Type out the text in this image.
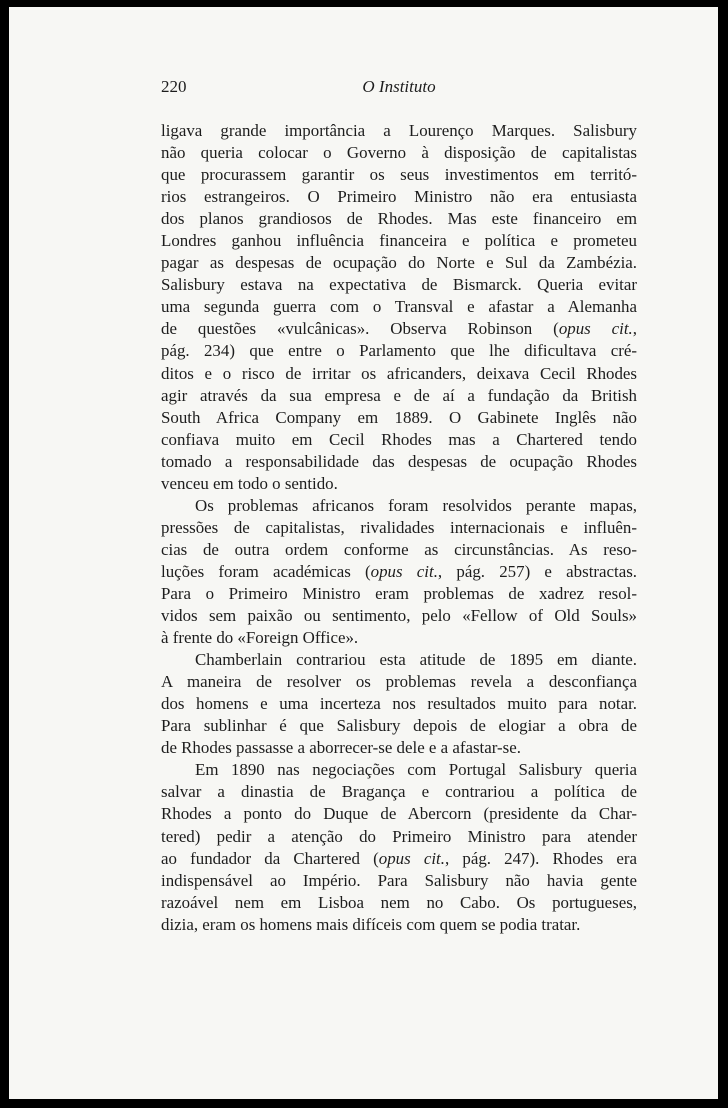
220	O Instituto

ligava grande importância a Lourenço Marques. Salisbury
não queria colocar o Governo à disposição de capitalistas
que procurassem garantir os seus investimentos em territó-
rios estrangeiros. O Primeiro Ministro não era entusiasta
dos planos grandiosos de Rhodes. Mas este financeiro em
Londres ganhou influência financeira e política e prometeu
pagar as despesas de ocupação do Norte e Sul da Zambézia.
Salisbury estava na expectativa de Bismarck. Queria evitar
uma segunda guerra com o Transval e afastar a Alemanha
de questões «vulcânicas». Observa Robinson (opus cit.,
pág. 234) que entre o Parlamento que lhe dificultava cré-
ditos e o risco de irritar os africanders, deixava Cecil Rhodes
agir através da sua empresa e de aí a fundação da British
South Africa Company em 1889. O Gabinete Inglês não
confiava muito em Cecil Rhodes mas a Chartered tendo
tomado a responsabilidade das despesas de ocupação Rhodes
venceu em todo o sentido.

Os problemas africanos foram resolvidos perante mapas,
pressões de capitalistas, rivalidades internacionais e influên-
cias de outra ordem conforme as circunstâncias. As reso-
luções foram académicas (opus cit., pág. 257) e abstractas.
Para o Primeiro Ministro eram problemas de xadrez resol-
vidos sem paixão ou sentimento, pelo «Fellow of Old Souls»
à frente do «Foreign Office».

Chamberlain contrariou esta atitude de 1895 em diante.
A maneira de resolver os problemas revela a desconfiança
dos homens e uma incerteza nos resultados muito para notar.
Para sublinhar é que Salisbury depois de elogiar a obra de
de Rhodes passasse a aborrecer-se dele e a afastar-se.

Em 1890 nas negociações com Portugal Salisbury queria
salvar a dinastia de Bragança e contrariou a política de
Rhodes a ponto do Duque de Abercorn (presidente da Char-
tered) pedir a atenção do Primeiro Ministro para atender
ao fundador da Chartered (opus cit., pág. 247). Rhodes era
indispensável ao Império. Para Salisbury não havia gente
razoável nem em Lisboa nem no Cabo. Os portugueses,
dizia, eram os homens mais difíceis com quem se podia tratar.
